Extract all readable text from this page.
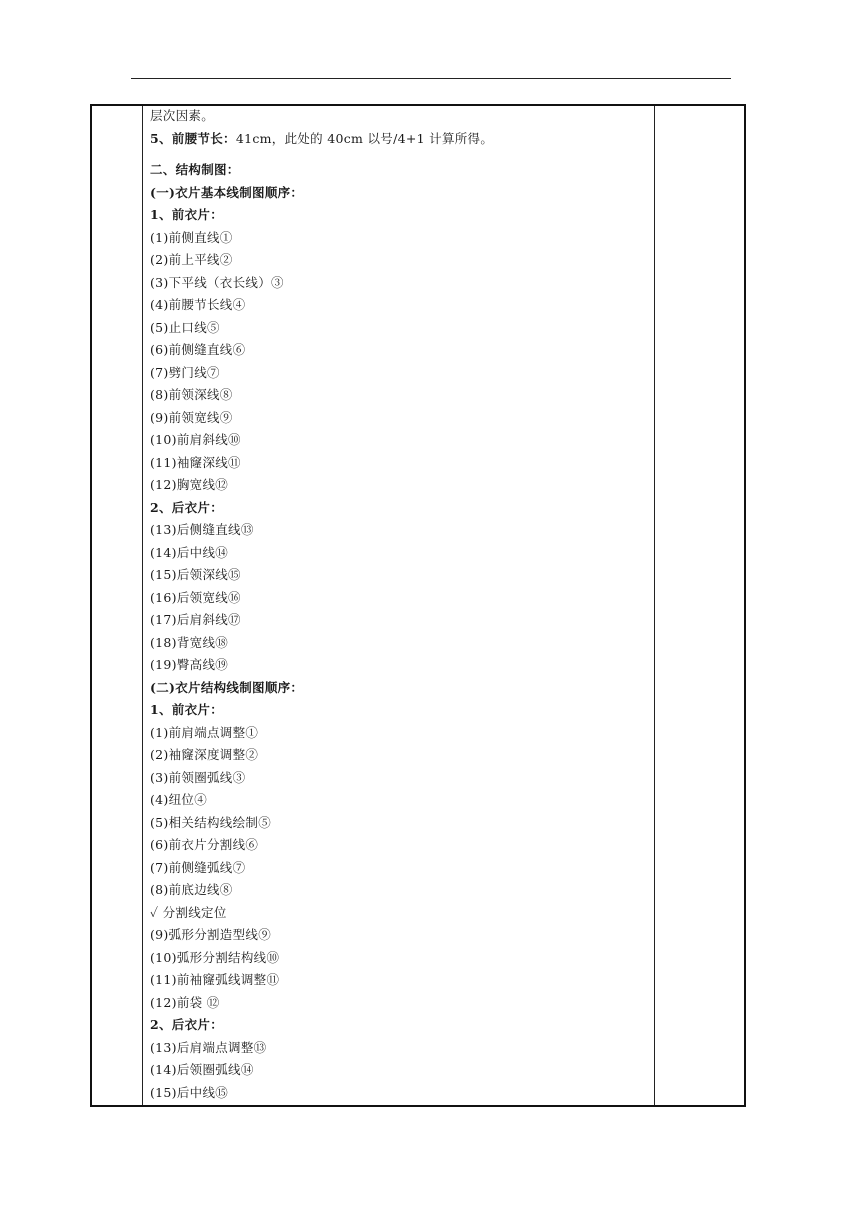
层次因素。
5、前腰节长：41cm，此处的 40cm 以号/4+1 计算所得。
二、结构制图：
(一)衣片基本线制图顺序：
1、前衣片：
(1)前侧直线①
(2)前上平线②
(3)下平线（衣长线）③
(4)前腰节长线④
(5)止口线⑤
(6)前侧缝直线⑥
(7)劈门线⑦
(8)前领深线⑧
(9)前领宽线⑨
(10)前肩斜线⑩
(11)袖窿深线⑪
(12)胸宽线⑫
2、后衣片：
(13)后侧缝直线⑬
(14)后中线⑭
(15)后领深线⑮
(16)后领宽线⑯
(17)后肩斜线⑰
(18)背宽线⑱
(19)臀高线⑲
(二)衣片结构线制图顺序：
1、前衣片：
(1)前肩端点调整①
(2)袖窿深度调整②
(3)前领圈弧线③
(4)纽位④
(5)相关结构线绘制⑤
(6)前衣片分割线⑥
(7)前侧缝弧线⑦
(8)前底边线⑧
✓ 分割线定位
(9)弧形分割造型线⑨
(10)弧形分割结构线⑩
(11)前袖窿弧线调整⑪
(12)前袋 ⑫
2、后衣片：
(13)后肩端点调整⑬
(14)后领圈弧线⑭
(15)后中线⑮
